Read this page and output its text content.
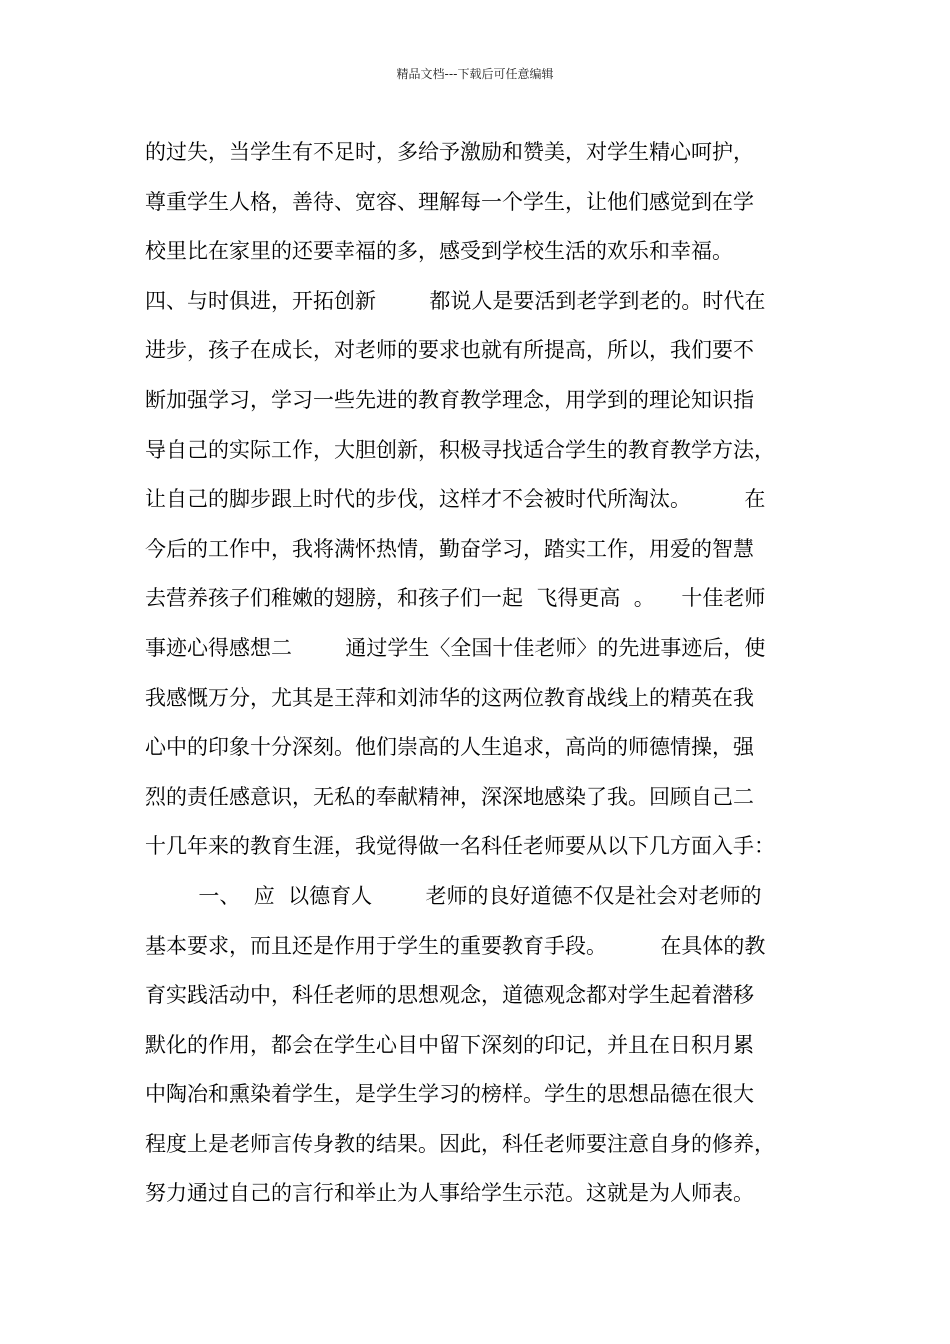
精品文档---下载后可任意编辑
的过失，当学生有不足时，多给予激励和赞美，对学生精心呵护，
尊重学生人格，善待、宽容、理解每一个学生，让他们感觉到在学
校里比在家里的还要幸福的多，感受到学校生活的欢乐和幸福。
四、与时俱进，开拓创新        都说人是要活到老学到老的。时代在
进步，孩子在成长，对老师的要求也就有所提高，所以，我们要不
断加强学习，学习一些先进的教育教学理念，用学到的理论知识指
导自己的实际工作，大胆创新，积极寻找适合学生的教育教学方法，
让自己的脚步跟上时代的步伐，这样才不会被时代所淘汰。        在
今后的工作中，我将满怀热情，勤奋学习，踏实工作，用爱的智慧
去营养孩子们稚嫩的翅膀，和孩子们一起  飞得更高  。    十佳老师
事迹心得感想二        通过学生〈全国十佳老师〉的先进事迹后，使
我感慨万分，尤其是王萍和刘沛华的这两位教育战线上的精英在我
心中的印象十分深刻。他们崇高的人生追求，高尚的师德情操，强
烈的责任感意识，无私的奉献精神，深深地感染了我。回顾自己二
十几年来的教育生涯，我觉得做一名科任老师要从以下几方面入手：
一、  应  以德育人        老师的良好道德不仅是社会对老师的
基本要求，而且还是作用于学生的重要教育手段。        在具体的教
育实践活动中，科任老师的思想观念，道德观念都对学生起着潜移
默化的作用，都会在学生心目中留下深刻的印记，并且在日积月累
中陶冶和熏染着学生，是学生学习的榜样。学生的思想品德在很大
程度上是老师言传身教的结果。因此，科任老师要注意自身的修养，
努力通过自己的言行和举止为人事给学生示范。这就是为人师表。
